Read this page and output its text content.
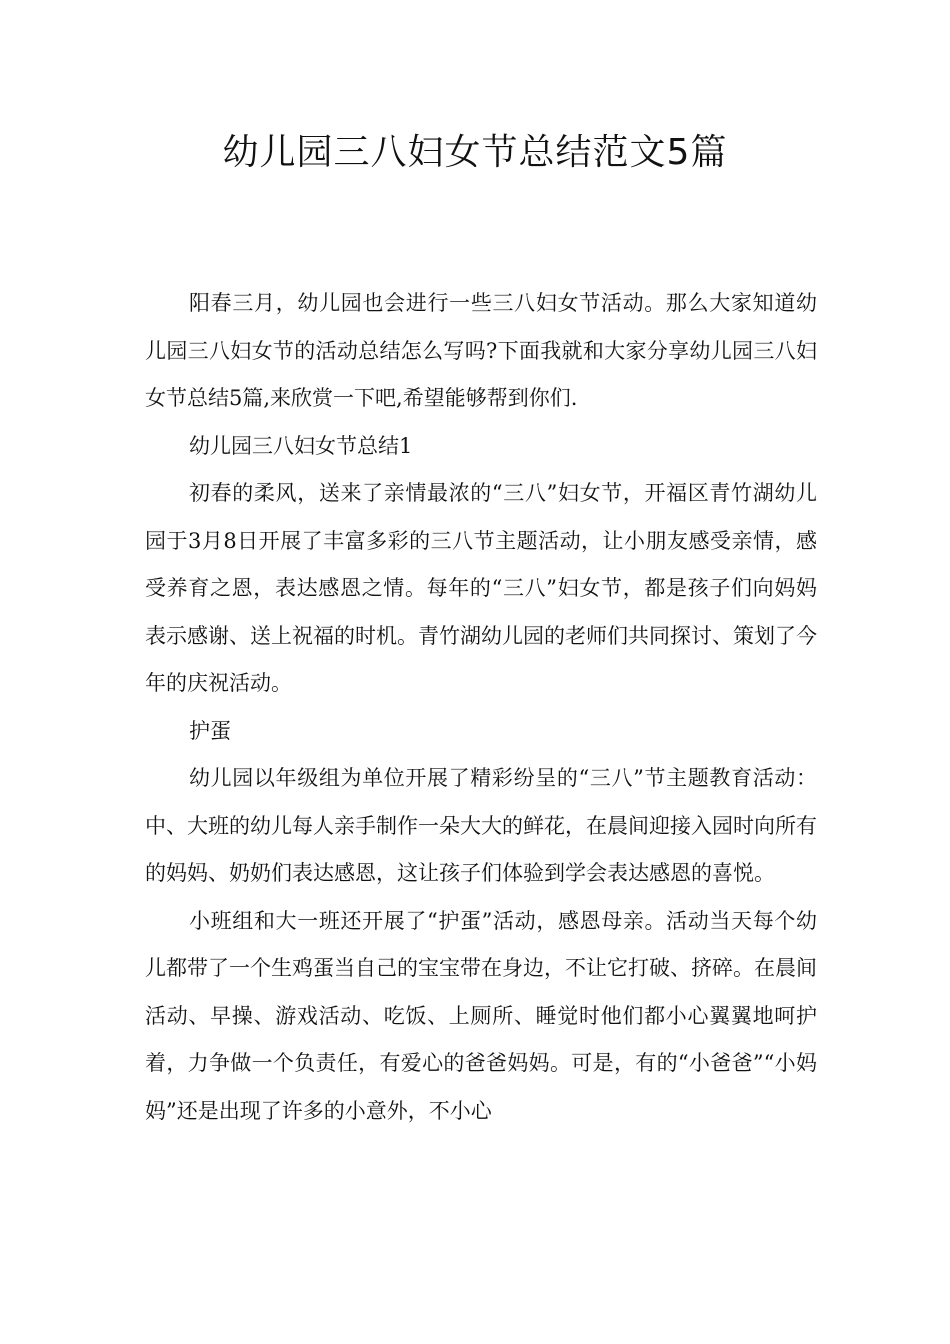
幼儿园三八妇女节总结范文5篇

阳春三月，幼儿园也会进行一些三八妇女节活动。那么大家知道幼儿园三八妇女节的活动总结怎么写吗?下面我就和大家分享幼儿园三八妇女节总结5篇,来欣赏一下吧,希望能够帮到你们.

幼儿园三八妇女节总结1

初春的柔风，送来了亲情最浓的“三八”妇女节，开福区青竹湖幼儿园于3月8日开展了丰富多彩的三八节主题活动，让小朋友感受亲情，感受养育之恩，表达感恩之情。每年的“三八”妇女节，都是孩子们向妈妈表示感谢、送上祝福的时机。青竹湖幼儿园的老师们共同探讨、策划了今年的庆祝活动。

护蛋

幼儿园以年级组为单位开展了精彩纷呈的“三八”节主题教育活动：中、大班的幼儿每人亲手制作一朵大大的鲜花，在晨间迎接入园时向所有的妈妈、奶奶们表达感恩，这让孩子们体验到学会表达感恩的喜悦。

小班组和大一班还开展了“护蛋”活动，感恩母亲。活动当天每个幼儿都带了一个生鸡蛋当自己的宝宝带在身边，不让它打破、挤碎。在晨间活动、早操、游戏活动、吃饭、上厕所、睡觉时他们都小心翼翼地呵护着，力争做一个负责任，有爱心的爸爸妈妈。可是，有的“小爸爸”“小妈妈”还是出现了许多的小意外，不小心
